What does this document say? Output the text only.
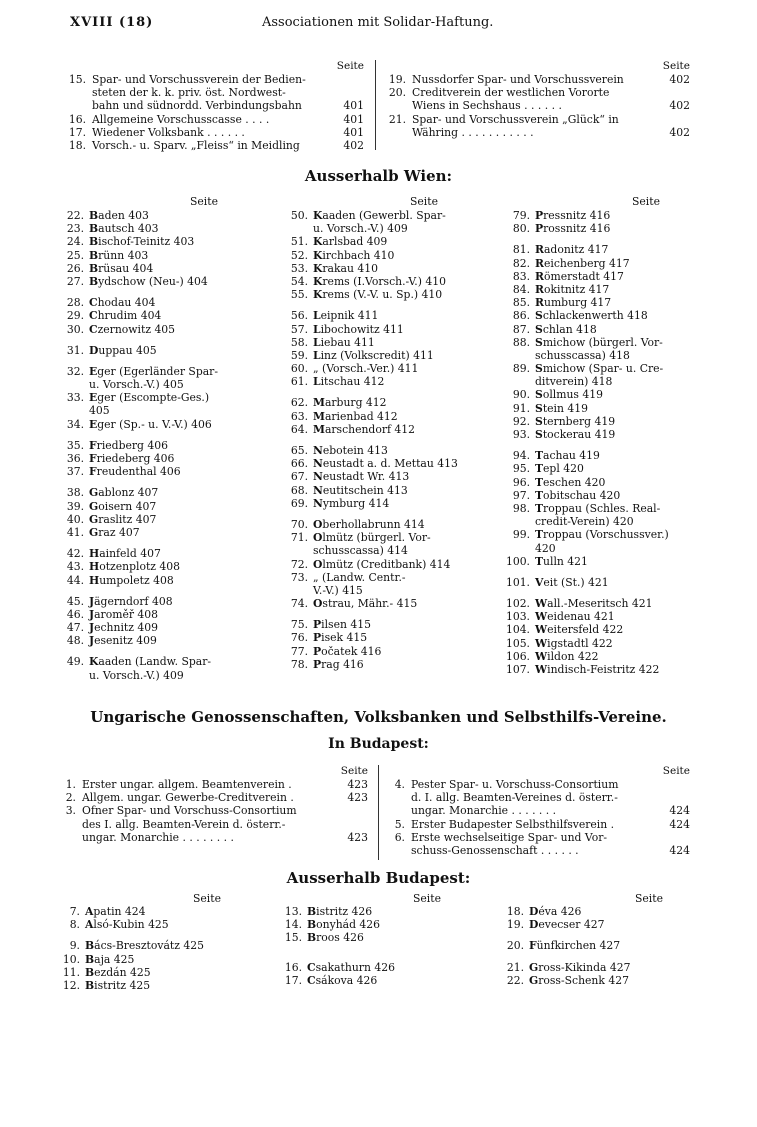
XVIII (18)	Associationen mit Solidar-Haftung.
Seite
15. Spar- und Vorschussverein der Bedien-
steten der k. k. priv. öst. Nordwest-
bahn und südnordd. Verbindungsbahn	401
16. Allgemeine Vorschusscasse . . . .	401
17. Wiedener Volksbank . . . . . .	401
18. Vorsch.- u. Sparv. „Fleiss“ in Meidling	402
Seite
19. Nussdorfer Spar- und Vorschussverein	402
20. Creditverein der westlichen Vororte
Wiens in Sechshaus . . . . . .	402
21. Spar- und Vorschussverein „Glück“ in
Währing . . . . . . . . . . .	402
Ausserhalb Wien:
Seite	Seite	Seite
22. Baden 403
23. Bautsch 403
24. Bischof-Teinitz 403
25. Brünn 403
26. Brüsau 404
27. Bydschow (Neu-) 404
28. Chodau 404
29. Chrudim 404
30. Czernowitz 405
31. Duppau 405
32. Eger (Egerländer Spar-
u. Vorsch.-V.) 405
33. Eger (Escompte-Ges.)
405
34. Eger (Sp.- u. V.-V.) 406
35. Friedberg 406
36. Friedeberg 406
37. Freudenthal 406
38. Gablonz 407
39. Goisern 407
40. Graslitz 407
41. Graz 407
42. Hainfeld 407
43. Hotzenplotz 408
44. Humpoletz 408
45. Jägerndorf 408
46. Jaroměř 408
47. Jechnitz 409
48. Jesenitz 409
49. Kaaden (Landw. Spar-
u. Vorsch.-V.) 409
50. Kaaden (Gewerbl. Spar-
u. Vorsch.-V.) 409
51. Karlsbad 409
52. Kirchbach 410
53. Krakau 410
54. Krems (I.Vorsch.-V.) 410
55. Krems (V.-V. u. Sp.) 410
56. Leipnik 411
57. Libochowitz 411
58. Liebau 411
59. Linz (Volkscredit) 411
60. „ (Vorsch.-Ver.) 411
61. Litschau 412
62. Marburg 412
63. Marienbad 412
64. Marschendorf 412
65. Nebotein 413
66. Neustadt a. d. Mettau 413
67. Neustadt Wr. 413
68. Neutitschein 413
69. Nymburg 414
70. Oberhollabrunn 414
71. Olmütz (bürgerl. Vor-
schusscassa) 414
72. Olmütz (Creditbank) 414
73. „ (Landw. Centr.-
V.-V.) 415
74. Ostrau, Mähr.- 415
75. Pilsen 415
76. Pisek 415
77. Počatek 416
78. Prag 416
79. Pressnitz 416
80. Prossnitz 416
81. Radonitz 417
82. Reichenberg 417
83. Römerstadt 417
84. Rokitnitz 417
85. Rumburg 417
86. Schlackenwerth 418
87. Schlan 418
88. Smichow (bürgerl. Vor-
schusscassa) 418
89. Smichow (Spar- u. Cre-
ditverein) 418
90. Sollmus 419
91. Stein 419
92. Sternberg 419
93. Stockerau 419
94. Tachau 419
95. Tepl 420
96. Teschen 420
97. Tobitschau 420
98. Troppau (Schles. Real-
credit-Verein) 420
99. Troppau (Vorschussver.)
420
100. Tulln 421
101. Veit (St.) 421
102. Wall.-Meseritsch 421
103. Weidenau 421
104. Weitersfeld 422
105. Wigstadtl 422
106. Wildon 422
107. Windisch-Feistritz 422
Ungarische Genossenschaften, Volksbanken und Selbsthilfs-Vereine.
In Budapest:
Seite
1. Erster ungar. allgem. Beamtenverein .	423
2. Allgem. ungar. Gewerbe-Creditverein .	423
3. Ofner Spar- und Vorschuss-Consortium
des I. allg. Beamten-Verein d. österr.-
ungar. Monarchie . . . . . . . .	423
Seite
4. Pester Spar- u. Vorschuss-Consortium
d. I. allg. Beamten-Vereines d. österr.-
ungar. Monarchie . . . . . . .	424
5. Erster Budapester Selbsthilfsverein .	424
6. Erste wechselseitige Spar- und Vor-
schuss-Genossenschaft . . . . . .	424
Ausserhalb Budapest:
Seite	Seite	Seite
7. Apatin 424
8. Alsó-Kubin 425
9. Bács-Bresztovátz 425
10. Baja 425
11. Bezdán 425
12. Bistritz 425
13. Bistritz 426
14. Bonyhád 426
15. Broos 426
16. Csakathurn 426
17. Csákova 426
18. Déva 426
19. Devecser 427
20. Fünfkirchen 427
21. Gross-Kikinda 427
22. Gross-Schenk 427
